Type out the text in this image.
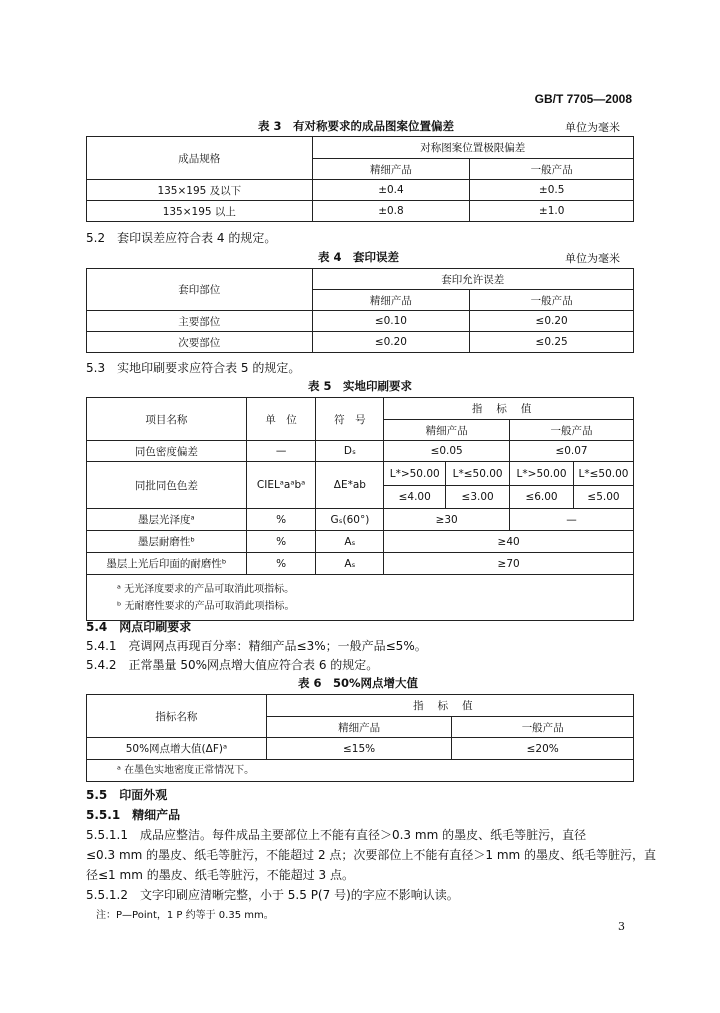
GB/T 7705—2008
表 3　有对称要求的成品图案位置偏差	单位为毫米
成品规格	对称图案位置极限偏差	
	精细产品	一般产品
135×195 及以下	±0.4	±0.5
135×195 以上	±0.8	±1.0
5.2　套印误差应符合表 4 的规定。
表 4　套印误差	单位为毫米
套印部位	套印允许误差	
	精细产品	一般产品
主要部位	≤0.10	≤0.20
次要部位	≤0.20	≤0.25
5.3　实地印刷要求应符合表 5 的规定。
表 5　实地印刷要求
项目名称	单　位	符　号	指标值			
			精细产品		一般产品	
同色密度偏差	—	Dₛ	≤0.05		≤0.07	
同批同色色差	CIELᵃaᵃbᵃ	ΔE*ab	L*>50.00	L*≤50.00	L*>50.00	L*≤50.00
			≤4.00	≤3.00	≤6.00	≤5.00
墨层光泽度ᵃ	%	Gₛ(60°)	≥30		—	
墨层耐磨性ᵇ	%	Aₛ	≥40			
墨层上光后印面的耐磨性ᵇ	%	Aₛ	≥70			

ᵃ 无光泽度要求的产品可取消此项指标。
ᵇ 无耐磨性要求的产品可取消此项指标。						
5.4　网点印刷要求
5.4.1　亮调网点再现百分率：精细产品≤3%；一般产品≤5%。
5.4.2　正常墨量 50%网点增大值应符合表 6 的规定。
表 6　50%网点增大值
指标名称	指标值	
	精细产品	一般产品
50%网点增大值(ΔF)ᵃ	≤15%	≤20%
ᵃ 在墨色实地密度正常情况下。		
5.5　印面外观
5.5.1　精细产品
5.5.1.1　成品应整洁。每件成品主要部位上不能有直径＞0.3 mm 的墨皮、纸毛等脏污，直径
≤0.3 mm 的墨皮、纸毛等脏污，不能超过 2 点；次要部位上不能有直径＞1 mm 的墨皮、纸毛等脏污，直
径≤1 mm 的墨皮、纸毛等脏污，不能超过 3 点。
5.5.1.2　文字印刷应清晰完整，小于 5.5 P(7 号)的字应不影响认读。
注：P—Point，1 P 约等于 0.35 mm。
3
